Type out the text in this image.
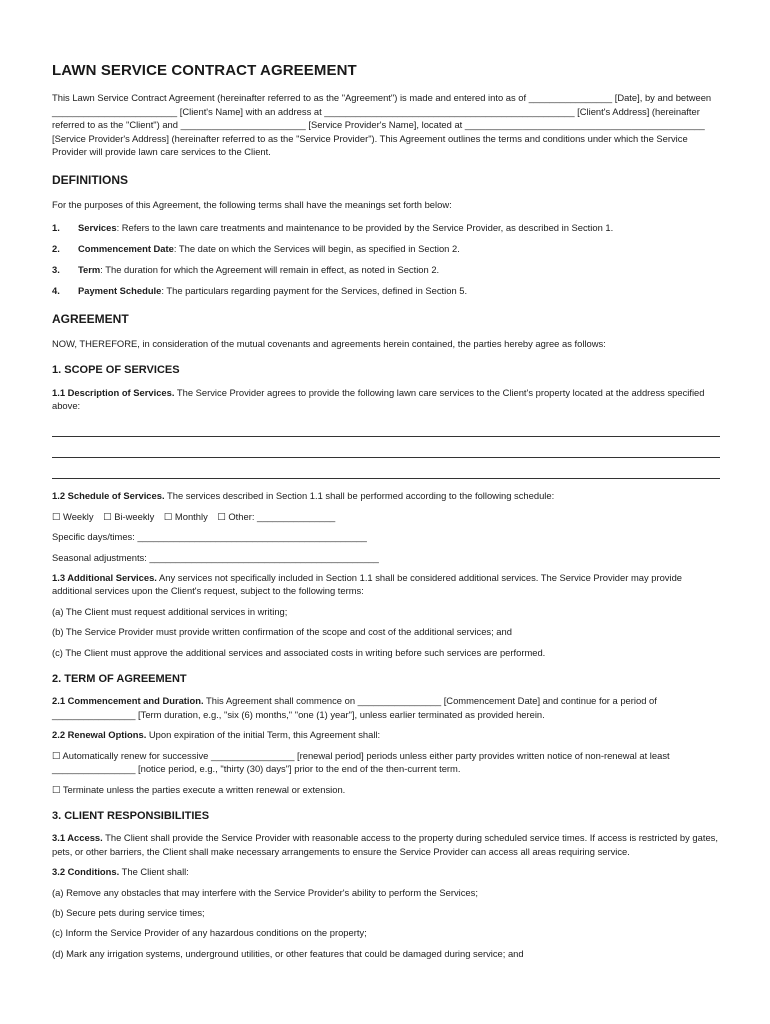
LAWN SERVICE CONTRACT AGREEMENT

This Lawn Service Contract Agreement (hereinafter referred to as the "Agreement") is made and entered into as of ________________ [Date], by and between ________________________ [Client's Name] with an address at ________________________________________________ [Client's Address] (hereinafter referred to as the "Client") and ________________________ [Service Provider's Name], located at ______________________________________________ [Service Provider's Address] (hereinafter referred to as the "Service Provider"). This Agreement outlines the terms and conditions under which the Service Provider will provide lawn care services to the Client.

DEFINITIONS

For the purposes of this Agreement, the following terms shall have the meanings set forth below:

1.	Services: Refers to the lawn care treatments and maintenance to be provided by the Service Provider, as described in Section 1.
2.	Commencement Date: The date on which the Services will begin, as specified in Section 2.
3.	Term: The duration for which the Agreement will remain in effect, as noted in Section 2.
4.	Payment Schedule: The particulars regarding payment for the Services, defined in Section 5.
AGREEMENT

NOW, THEREFORE, in consideration of the mutual covenants and agreements herein contained, the parties hereby agree as follows:

1. SCOPE OF SERVICES

1.1 Description of Services. The Service Provider agrees to provide the following lawn care services to the Client's property located at the address specified above:

1.2 Schedule of Services. The services described in Section 1.1 shall be performed according to the following schedule:

☐ Weekly ☐ Bi-weekly ☐ Monthly ☐ Other: _______________

Specific days/times: ____________________________________________

Seasonal adjustments: ____________________________________________

1.3 Additional Services. Any services not specifically included in Section 1.1 shall be considered additional services. The Service Provider may provide additional services upon the Client's request, subject to the following terms:

(a) The Client must request additional services in writing;

(b) The Service Provider must provide written confirmation of the scope and cost of the additional services; and

(c) The Client must approve the additional services and associated costs in writing before such services are performed.

2. TERM OF AGREEMENT

2.1 Commencement and Duration. This Agreement shall commence on ________________ [Commencement Date] and continue for a period of ________________ [Term duration, e.g., "six (6) months," "one (1) year"], unless earlier terminated as provided herein.

2.2 Renewal Options. Upon expiration of the initial Term, this Agreement shall:

☐ Automatically renew for successive ________________ [renewal period] periods unless either party provides written notice of non-renewal at least ________________ [notice period, e.g., "thirty (30) days"] prior to the end of the then-current term.

☐ Terminate unless the parties execute a written renewal or extension.

3. CLIENT RESPONSIBILITIES

3.1 Access. The Client shall provide the Service Provider with reasonable access to the property during scheduled service times. If access is restricted by gates, pets, or other barriers, the Client shall make necessary arrangements to ensure the Service Provider can access all areas requiring service.

3.2 Conditions. The Client shall:

(a) Remove any obstacles that may interfere with the Service Provider's ability to perform the Services;

(b) Secure pets during service times;

(c) Inform the Service Provider of any hazardous conditions on the property;

(d) Mark any irrigation systems, underground utilities, or other features that could be damaged during service; and
